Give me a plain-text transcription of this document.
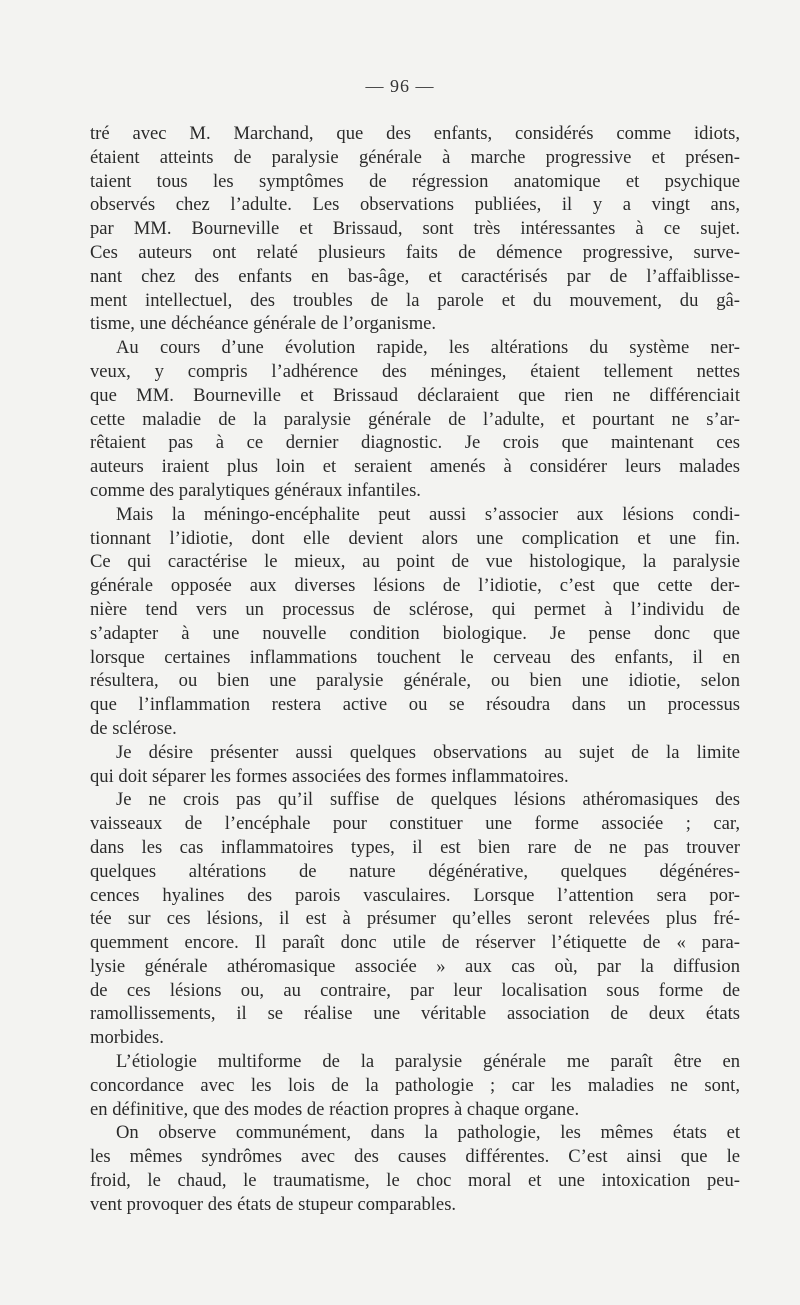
— 96 —
tré avec M. Marchand, que des enfants, considérés comme idiots,
étaient atteints de paralysie générale à marche progressive et présen-
taient tous les symptômes de régression anatomique et psychique
observés chez l’adulte. Les observations publiées, il y a vingt ans,
par MM. Bourneville et Brissaud, sont très intéressantes à ce sujet.
Ces auteurs ont relaté plusieurs faits de démence progressive, surve-
nant chez des enfants en bas-âge, et caractérisés par de l’affaiblisse-
ment intellectuel, des troubles de la parole et du mouvement, du gâ-
tisme, une déchéance générale de l’organisme.
Au cours d’une évolution rapide, les altérations du système ner-
veux, y compris l’adhérence des méninges, étaient tellement nettes
que MM. Bourneville et Brissaud déclaraient que rien ne différenciait
cette maladie de la paralysie générale de l’adulte, et pourtant ne s’ar-
rêtaient pas à ce dernier diagnostic. Je crois que maintenant ces
auteurs iraient plus loin et seraient amenés à considérer leurs malades
comme des paralytiques généraux infantiles.
Mais la méningo-encéphalite peut aussi s’associer aux lésions condi-
tionnant l’idiotie, dont elle devient alors une complication et une fin.
Ce qui caractérise le mieux, au point de vue histologique, la paralysie
générale opposée aux diverses lésions de l’idiotie, c’est que cette der-
nière tend vers un processus de sclérose, qui permet à l’individu de
s’adapter à une nouvelle condition biologique. Je pense donc que
lorsque certaines inflammations touchent le cerveau des enfants, il en
résultera, ou bien une paralysie générale, ou bien une idiotie, selon
que l’inflammation restera active ou se résoudra dans un processus
de sclérose.
Je désire présenter aussi quelques observations au sujet de la limite
qui doit séparer les formes associées des formes inflammatoires.
Je ne crois pas qu’il suffise de quelques lésions athéromasiques des
vaisseaux de l’encéphale pour constituer une forme associée ; car,
dans les cas inflammatoires types, il est bien rare de ne pas trouver
quelques altérations de nature dégénérative, quelques dégénéres-
cences hyalines des parois vasculaires. Lorsque l’attention sera por-
tée sur ces lésions, il est à présumer qu’elles seront relevées plus fré-
quemment encore. Il paraît donc utile de réserver l’étiquette de « para-
lysie générale athéromasique associée » aux cas où, par la diffusion
de ces lésions ou, au contraire, par leur localisation sous forme de
ramollissements, il se réalise une véritable association de deux états
morbides.
L’étiologie multiforme de la paralysie générale me paraît être en
concordance avec les lois de la pathologie ; car les maladies ne sont,
en définitive, que des modes de réaction propres à chaque organe.
On observe communément, dans la pathologie, les mêmes états et
les mêmes syndrômes avec des causes différentes. C’est ainsi que le
froid, le chaud, le traumatisme, le choc moral et une intoxication peu-
vent provoquer des états de stupeur comparables.
